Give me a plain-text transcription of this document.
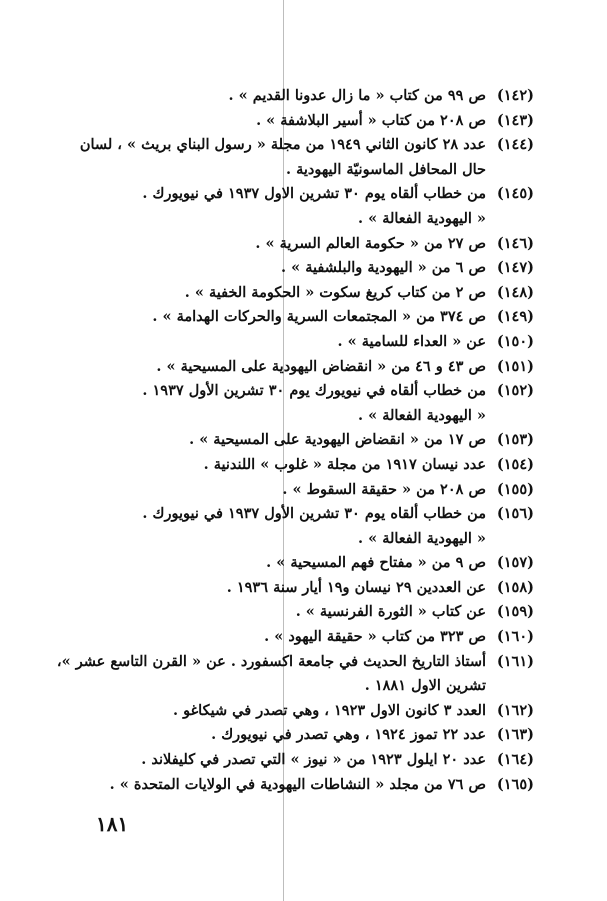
(١٤٢)
ص ٩٩ من كتاب « ما زال عدونا القديم » .
(١٤٣)
ص ٢٠٨ من كتاب « أسير البلاشفة » .
(١٤٤)
عدد ٢٨ كانون الثاني ١٩٤٩ من مجلة « رسول البناي بريث » ، لسان
حال المحافل الماسونيّة اليهودية .
(١٤٥)
من خطاب ألقاه يوم ٣٠ تشرين الاول ١٩٣٧ في نيويورك .
« اليهودية الفعالة » .
(١٤٦)
ص ٢٧ من « حكومة العالم السرية » .
(١٤٧)
ص ٦ من « اليهودية والبلشفية » .
(١٤٨)
ص ٢ من كتاب كريغ سكوت « الحكومة الخفية » .
(١٤٩)
ص ٣٧٤ من « المجتمعات السرية والحركات الهدامة » .
(١٥٠)
عن « العداء للسامية » .
(١٥١)
ص ٤٣ و ٤٦ من « انقضاض اليهودية على المسيحية » .
(١٥٢)
من خطاب ألقاه في نيويورك يوم ٣٠ تشرين الأول ١٩٣٧ .
« اليهودية الفعالة » .
(١٥٣)
ص ١٧ من « انقضاض اليهودية على المسيحية » .
(١٥٤)
عدد نيسان ١٩١٧ من مجلة « غلوب » اللندنية .
(١٥٥)
ص ٢٠٨ من « حقيقة السقوط » .
(١٥٦)
من خطاب ألقاه يوم ٣٠ تشرين الأول ١٩٣٧ في نيويورك .
« اليهودية الفعالة » .
(١٥٧)
ص ٩ من « مفتاح فهم المسيحية » .
(١٥٨)
عن العددين ٢٩ نيسان و١٩ أيار سنة ١٩٣٦ .
(١٥٩)
عن كتاب « الثورة الفرنسية » .
(١٦٠)
ص ٣٢٣ من كتاب « حقيقة اليهود » .
(١٦١)
أستاذ التاريخ الحديث في جامعة اكسفورد . عن « القرن التاسع عشر »،
تشرين الاول ١٨٨١ .
(١٦٢)
العدد ٣ كانون الاول ١٩٢٣ ، وهي تصدر في شيكاغو .
(١٦٣)
عدد ٢٢ تموز ١٩٢٤ ، وهي تصدر في نيويورك .
(١٦٤)
عدد ٢٠ ايلول ١٩٢٣ من « نيوز » التي تصدر في كليفلاند .
(١٦٥)
ص ٧٦ من مجلد « النشاطات اليهودية في الولايات المتحدة » .
١٨١
